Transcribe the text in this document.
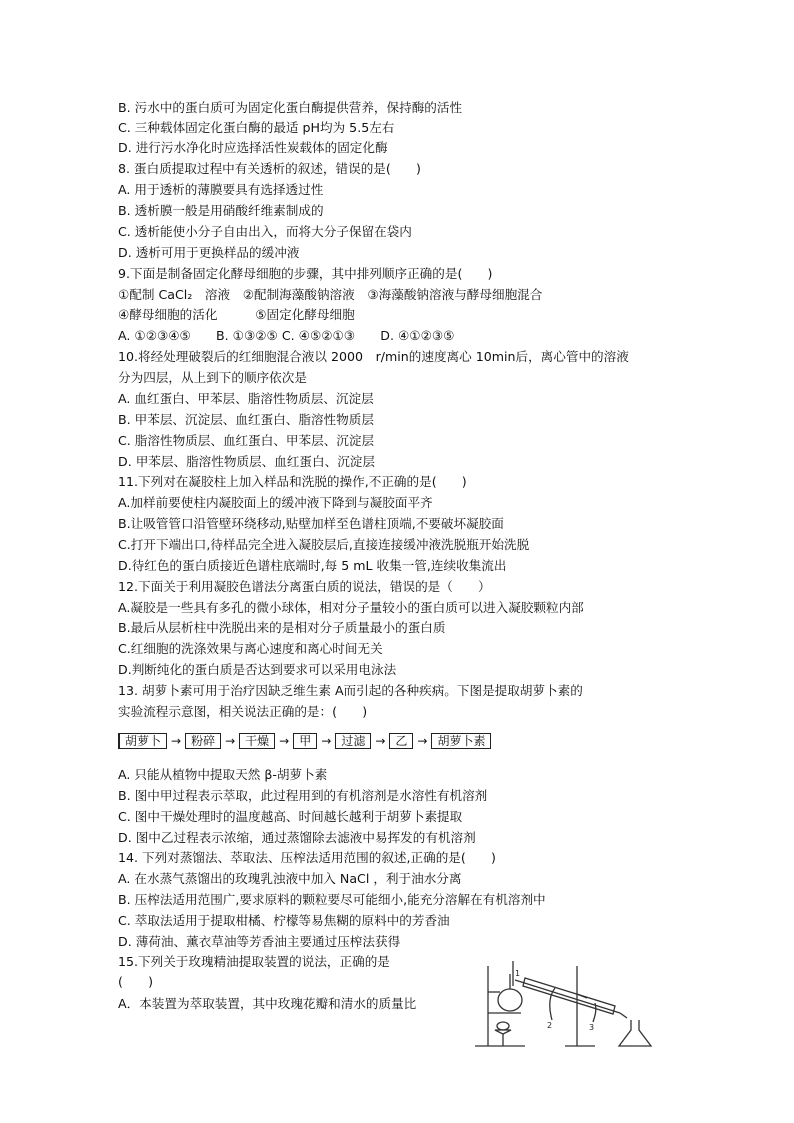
B. 污水中的蛋白质可为固定化蛋白酶提供营养，保持酶的活性
C. 三种载体固定化蛋白酶的最适 pH均为 5.5左右
D. 进行污水净化时应选择活性炭载体的固定化酶
8. 蛋白质提取过程中有关透析的叙述，错误的是(　　)
A. 用于透析的薄膜要具有选择透过性
B. 透析膜一般是用硝酸纤维素制成的
C. 透析能使小分子自由出入，而将大分子保留在袋内
D. 透析可用于更换样品的缓冲液
9.下面是制备固定化酵母细胞的步骤，其中排列顺序正确的是(　　)
①配制 CaCl₂　溶液　②配制海藻酸钠溶液　③海藻酸钠溶液与酵母细胞混合
④酵母细胞的活化　　　⑤固定化酵母细胞
A. ①②③④⑤　　B. ①③②⑤ C. ④⑤②①③　　D. ④①②③⑤
10.将经处理破裂后的红细胞混合液以 2000　r/min的速度离心 10min后，离心管中的溶液
分为四层，从上到下的顺序依次是
A. 血红蛋白、甲苯层、脂溶性物质层、沉淀层
B. 甲苯层、沉淀层、血红蛋白、脂溶性物质层
C. 脂溶性物质层、血红蛋白、甲苯层、沉淀层
D. 甲苯层、脂溶性物质层、血红蛋白、沉淀层
11.下列对在凝胶柱上加入样品和洗脱的操作,不正确的是(　　)
A.加样前要使柱内凝胶面上的缓冲液下降到与凝胶面平齐
B.让吸管管口沿管壁环绕移动,贴壁加样至色谱柱顶端,不要破坏凝胶面
C.打开下端出口,待样品完全进入凝胶层后,直接连接缓冲液洗脱瓶开始洗脱
D.待红色的蛋白质接近色谱柱底端时,每 5 mL 收集一管,连续收集流出
12.下面关于利用凝胶色谱法分离蛋白质的说法，错误的是（　　）
A.凝胶是一些具有多孔的微小球体，相对分子量较小的蛋白质可以进入凝胶颗粒内部
B.最后从层析柱中洗脱出来的是相对分子质量最小的蛋白质
C.红细胞的洗涤效果与离心速度和离心时间无关
D.判断纯化的蛋白质是否达到要求可以采用电泳法
13. 胡萝卜素可用于治疗因缺乏维生素 A而引起的各种疾病。下图是提取胡萝卜素的
实验流程示意图，相关说法正确的是：(　　)
胡萝卜 → 粉碎 → 干燥 → 甲 → 过滤 → 乙 → 胡萝卜素
A. 只能从植物中提取天然 β-胡萝卜素
B. 图中甲过程表示萃取，此过程用到的有机溶剂是水溶性有机溶剂
C. 图中干燥处理时的温度越高、时间越长越利于胡萝卜素提取
D. 图中乙过程表示浓缩，通过蒸馏除去滤液中易挥发的有机溶剂
14. 下列对蒸馏法、萃取法、压榨法适用范围的叙述,正确的是(　　)
A. 在水蒸气蒸馏出的玫瑰乳浊液中加入 NaCl ，利于油水分离
B. 压榨法适用范围广,要求原料的颗粒要尽可能细小,能充分溶解在有机溶剂中
C. 萃取法适用于提取柑橘、柠檬等易焦糊的原料中的芳香油
D. 薄荷油、薰衣草油等芳香油主要通过压榨法获得
15.下列关于玫瑰精油提取装置的说法，正确的是
(　　)
A．本装置为萃取装置，其中玫瑰花瓣和清水的质量比
1
2	3
